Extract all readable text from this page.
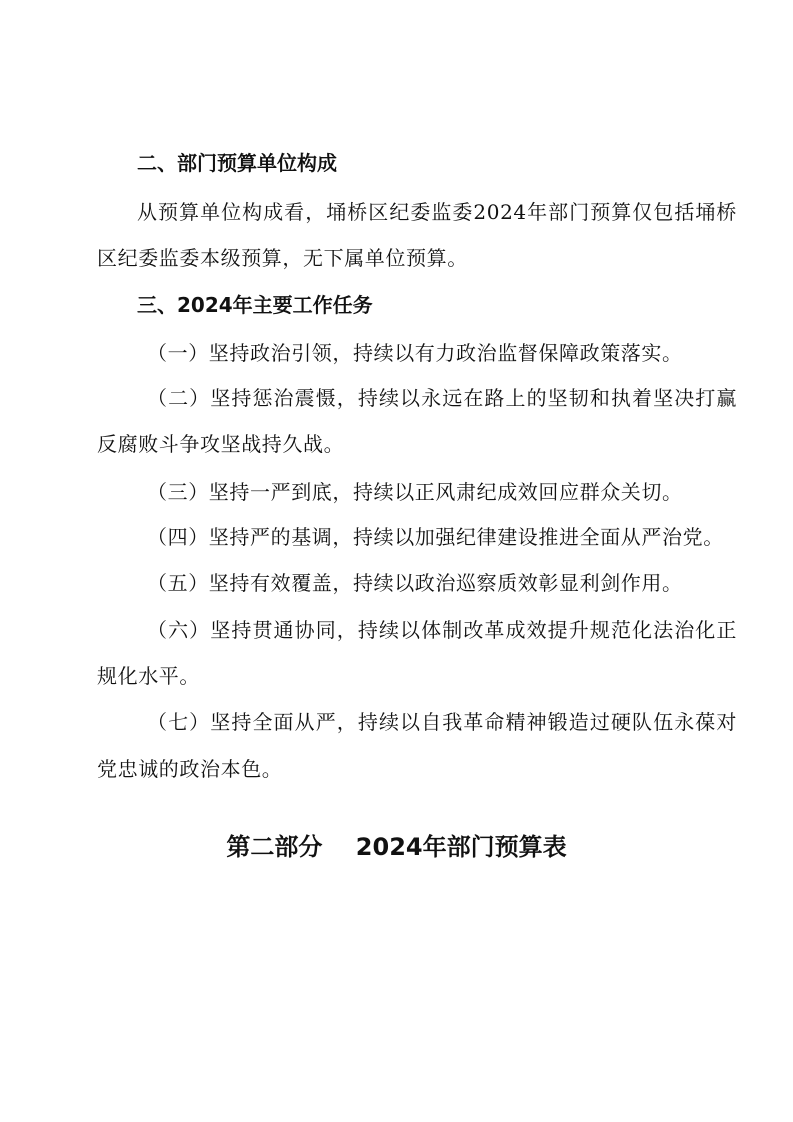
二、部门预算单位构成
从预算单位构成看，埇桥区纪委监委2024年部门预算仅包括埇桥
区纪委监委本级预算，无下属单位预算。
三、2024年主要工作任务
（一）坚持政治引领，持续以有力政治监督保障政策落实。
（二）坚持惩治震慑，持续以永远在路上的坚韧和执着坚决打赢
反腐败斗争攻坚战持久战。
（三）坚持一严到底，持续以正风肃纪成效回应群众关切。
（四）坚持严的基调，持续以加强纪律建设推进全面从严治党。
（五）坚持有效覆盖，持续以政治巡察质效彰显利剑作用。
（六）坚持贯通协同，持续以体制改革成效提升规范化法治化正
规化水平。
（七）坚持全面从严，持续以自我革命精神锻造过硬队伍永葆对
党忠诚的政治本色。
第二部分    2024年部门预算表
